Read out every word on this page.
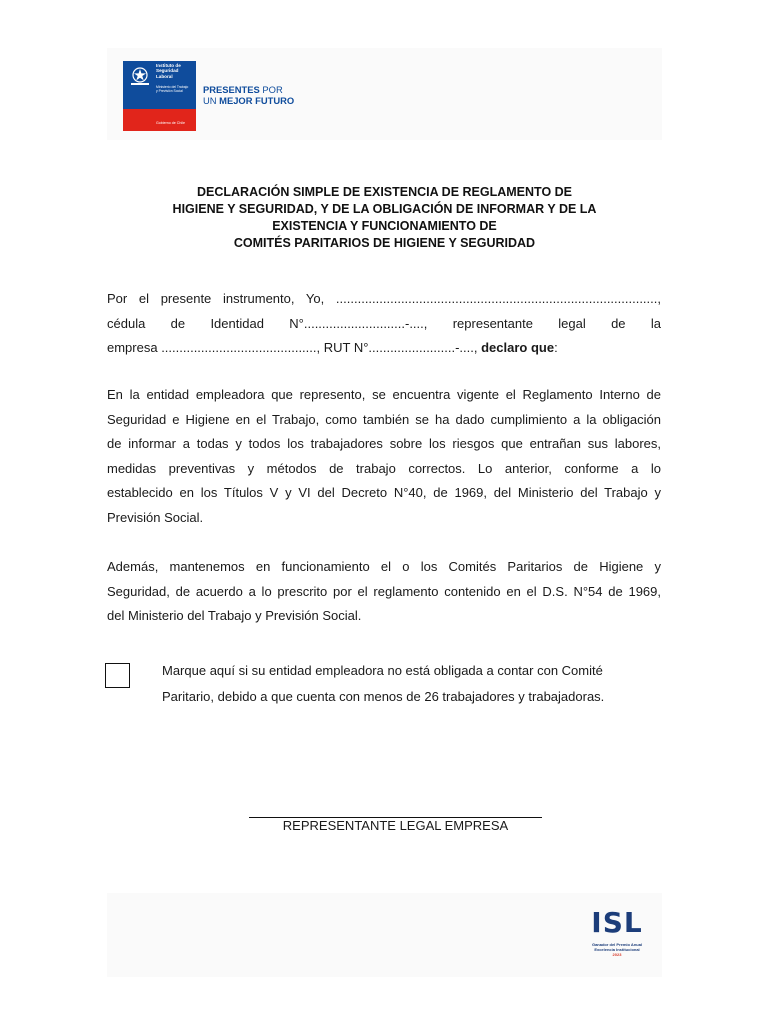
Instituto de
Seguridad
Laboral
Ministerio del Trabajo
y Previsión Social
Gobierno de Chile
PRESENTES POR
UN MEJOR FUTURO
DECLARACIÓN SIMPLE DE EXISTENCIA DE REGLAMENTO DE
HIGIENE Y SEGURIDAD, Y DE LA OBLIGACIÓN DE INFORMAR Y DE LA
EXISTENCIA Y FUNCIONAMIENTO DE
COMITÉS PARITARIOS DE HIGIENE Y SEGURIDAD
Por el presente instrumento, Yo, .........................................................................................,
cédula de Identidad N°............................-...., representante legal de la
empresa ..........................................., RUT N°........................-...., declaro que:
En la entidad empleadora que represento, se encuentra vigente el Reglamento Interno de
Seguridad e Higiene en el Trabajo, como también se ha dado cumplimiento a la obligación
de informar a todas y todos los trabajadores sobre los riesgos que entrañan sus labores,
medidas preventivas y métodos de trabajo correctos. Lo anterior, conforme a lo
establecido en los Títulos V y VI del Decreto N°40, de 1969, del Ministerio del Trabajo y
Previsión Social.
Además, mantenemos en funcionamiento el o los Comités Paritarios de Higiene y
Seguridad, de acuerdo a lo prescrito por el reglamento contenido en el D.S. N°54 de 1969,
del Ministerio del Trabajo y Previsión Social.
Marque aquí si su entidad empleadora no está obligada a contar con Comité
Paritario, debido a que cuenta con menos de 26 trabajadores y trabajadoras.
REPRESENTANTE LEGAL EMPRESA
ISL
Ganador del Premio Anual
Excelencia Institucional
2023
